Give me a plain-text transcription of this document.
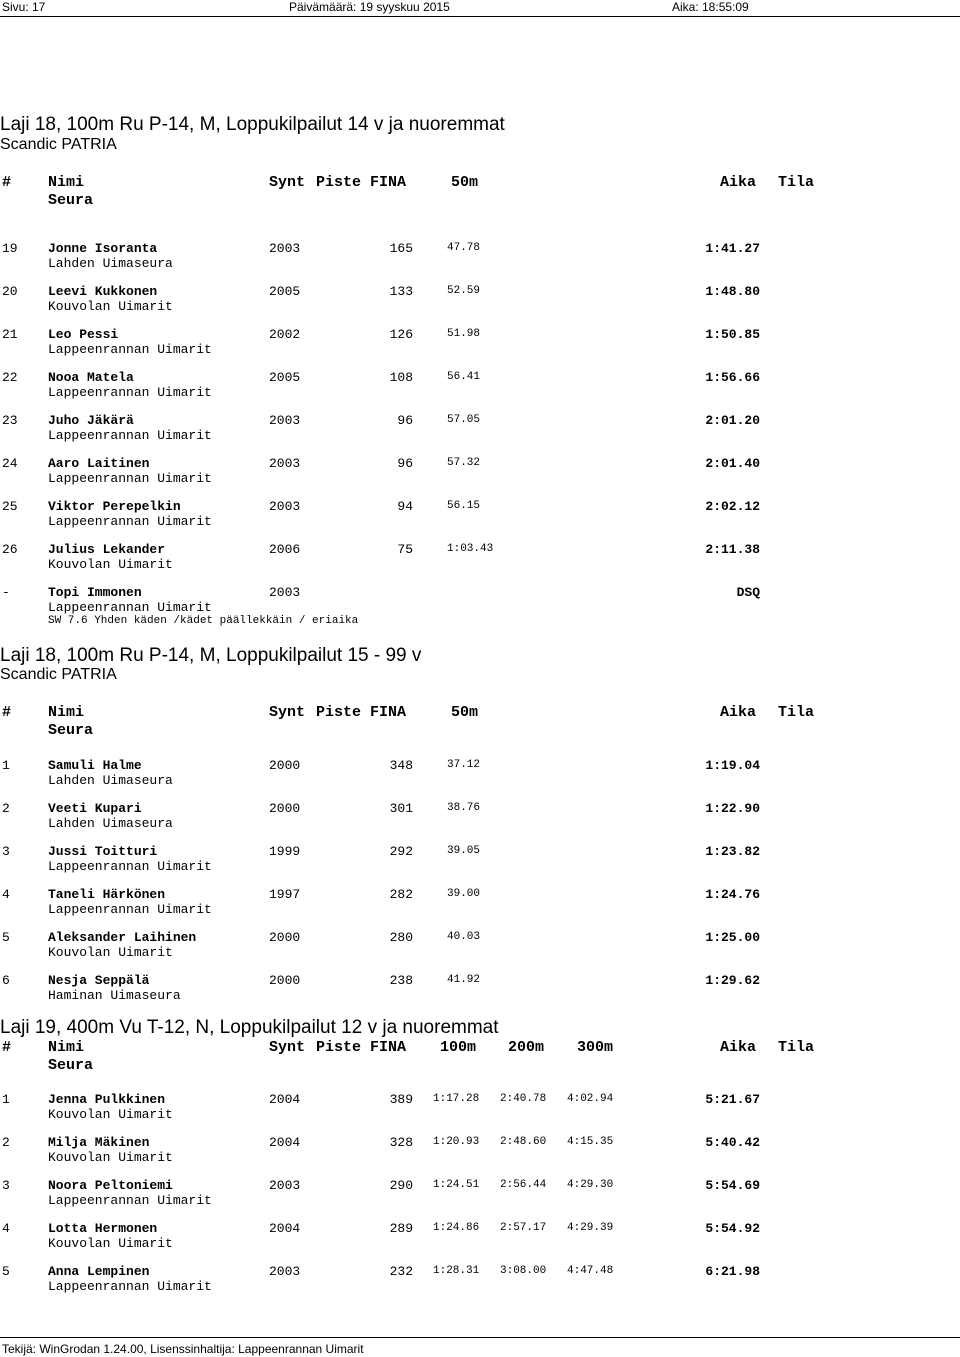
Sivu: 17	Päivämäärä: 19 syyskuu 2015	Aika: 18:55:09
Laji 18, 100m Ru P-14, M, Loppukilpailut 14 v ja nuoremmat
Scandic PATRIA
# Nimi	Synt Piste FINA	50m	Aika Tila
Seura
19 Jonne Isoranta	2003	165	47.78	1:41.27
Lahden Uimaseura
20 Leevi Kukkonen	2005	133	52.59	1:48.80
Kouvolan Uimarit
21 Leo Pessi	2002	126	51.98	1:50.85
Lappeenrannan Uimarit
22 Nooa Matela	2005	108	56.41	1:56.66
Lappeenrannan Uimarit
23 Juho Jäkärä	2003	96	57.05	2:01.20
Lappeenrannan Uimarit
24 Aaro Laitinen	2003	96	57.32	2:01.40
Lappeenrannan Uimarit
25 Viktor Perepelkin	2003	94	56.15	2:02.12
Lappeenrannan Uimarit
26 Julius Lekander	2006	75	1:03.43	2:11.38
Kouvolan Uimarit
-	Topi Immonen	2003	DSQ
Lappeenrannan Uimarit
SW 7.6 Yhden käden /kädet päällekkäin / eriaika
Laji 18, 100m Ru P-14, M, Loppukilpailut 15 - 99 v
Scandic PATRIA
# Nimi	Synt Piste FINA	50m	Aika Tila
Seura
1	Samuli Halme	2000	348	37.12	1:19.04
Lahden Uimaseura
2	Veeti Kupari	2000	301	38.76	1:22.90
Lahden Uimaseura
3	Jussi Toitturi	1999	292	39.05	1:23.82
Lappeenrannan Uimarit
4	Taneli Härkönen	1997	282	39.00	1:24.76
Lappeenrannan Uimarit
5	Aleksander Laihinen	2000	280	40.03	1:25.00
Kouvolan Uimarit
6	Nesja Seppälä	2000	238	41.92	1:29.62
Haminan Uimaseura
Laji 19, 400m Vu T-12, N, Loppukilpailut 12 v ja nuoremmat
# Nimi	Synt Piste FINA 100m 200m 300m	Aika Tila
Seura
1	Jenna Pulkkinen	2004	389 1:17.28 2:40.78 4:02.94	5:21.67
Kouvolan Uimarit
2	Milja Mäkinen	2004	328 1:20.93 2:48.60 4:15.35	5:40.42
Kouvolan Uimarit
3	Noora Peltoniemi	2003	290 1:24.51 2:56.44 4:29.30	5:54.69
Lappeenrannan Uimarit
4	Lotta Hermonen	2004	289 1:24.86 2:57.17 4:29.39	5:54.92
Kouvolan Uimarit
5	Anna Lempinen	2003	232 1:28.31 3:08.00 4:47.48	6:21.98
Lappeenrannan Uimarit
Tekijä: WinGrodan 1.24.00, Lisenssinhaltija: Lappeenrannan Uimarit
